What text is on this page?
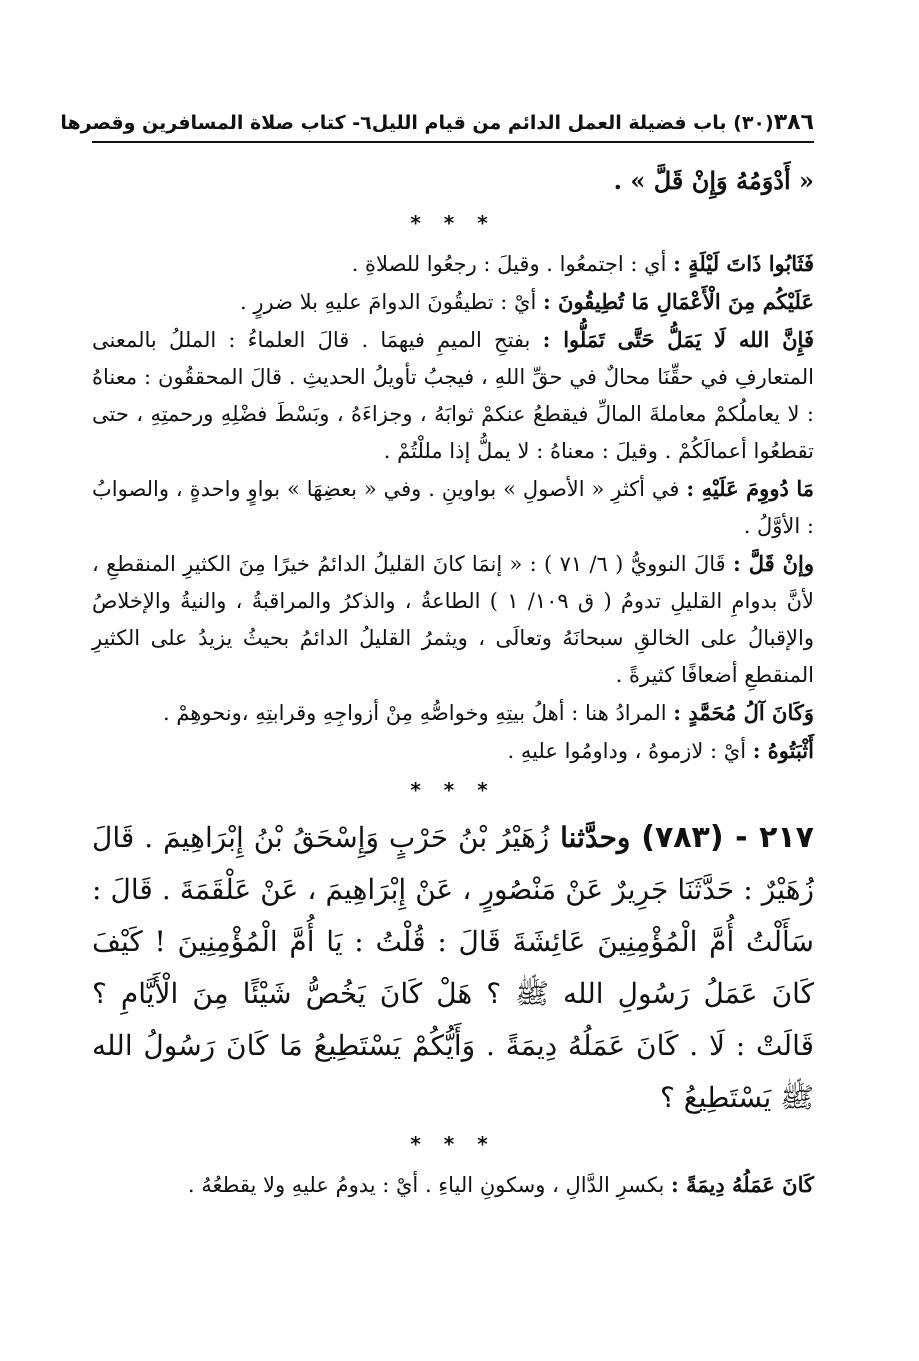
٣٨٦
(٣٠) باب فضيلة العمل الدائم من قيام الليل
٦- كتاب صلاة المسافرين وقصرها

« أَدْوَمُهُ وَإِنْ قَلَّ » .

* * *

فَثَابُوا ذَاتَ لَيْلَةٍ : أي : اجتمعُوا . وقيلَ : رجعُوا للصلاةِ .

عَلَيْكُم مِنَ الْأَعْمَالِ مَا تُطِيقُونَ : أيْ : تطيقُونَ الدوامَ عليهِ بلا ضررٍ .

فَإِنَّ الله لَا يَمَلُّ حَتَّى تَمَلُّوا : بفتحِ الميمِ فيهمَا . قالَ العلماءُ : المللُ بالمعنى المتعارفِ في حقِّنَا محالٌ في حقِّ اللهِ ، فيجبُ تأويلُ الحديثِ . قالَ المحققُون : معناهُ : لا يعاملُكمْ معاملةَ المالِّ فيقطعُ عنكمْ ثوابَهُ ، وجزاءَهُ ، وبَسْطَ فضْلِهِ ورحمتِهِ ، حتى تقطعُوا أعمالَكُمْ . وقيلَ : معناهُ : لا يملُّ إذا مللْتُمْ .

مَا دُووِمَ عَلَيْهِ : في أكثرِ « الأصولِ » بواوينِ . وفي « بعضِهَا » بواوٍ واحدةٍ ، والصوابُ : الأوَّلُ .

وإنْ قَلَّ : قَالَ النوويُّ ( ٦/ ٧١ ) : « إنمَا كانَ القليلُ الدائمُ خيرًا مِنَ الكثيرِ المنقطعِ ، لأنَّ بدوامِ القليلِ تدومُ ( ق ١٠٩/ ١ ) الطاعةُ ، والذكرُ والمراقبةُ ، والنيةُ والإخلاصُ والإقبالُ على الخالقِ سبحانَهُ وتعالَى ، ويثمرُ القليلُ الدائمُ بحيثُ يزيدُ على الكثيرِ المنقطعِ أضعافًا كثيرةً .

وَكَانَ آلُ مُحَمَّدٍ : المرادُ هنا : أهلُ بيتِهِ وخواصُّهِ مِنْ أزواجِهِ وقرابتِهِ ،ونحوهِمْ .

أَثْبَتُوهُ : أيْ : لازموهُ ، وداومُوا عليهِ .

* * *

٢١٧ - (٧٨٣) وحدَّثنا زُهَيْرُ بْنُ حَرْبٍ وَإِسْحَقُ بْنُ إِبْرَاهِيمَ . قَالَ زُهَيْرٌ : حَدَّثَنَا جَرِيرٌ عَنْ مَنْصُورٍ ، عَنْ إِبْرَاهِيمَ ، عَنْ عَلْقَمَةَ . قَالَ : سَأَلْتُ أُمَّ الْمُؤْمِنِينَ عَائِشَةَ قَالَ : قُلْتُ : يَا أُمَّ الْمُؤْمِنِينَ ! كَيْفَ كَانَ عَمَلُ رَسُولِ الله ﷺ ؟ هَلْ كَانَ يَخُصُّ شَيْئًا مِنَ الْأَيَّامِ ؟ قَالَتْ : لَا . كَانَ عَمَلُهُ دِيمَةً . وَأَيُّكُمْ يَسْتَطِيعُ مَا كَانَ رَسُولُ الله ﷺ يَسْتَطِيعُ ؟

* * *

كَانَ عَمَلُهُ دِيمَةً : بكسرِ الدَّالِ ، وسكونِ الياءِ . أيْ : يدومُ عليهِ ولا يقطعُهُ .
